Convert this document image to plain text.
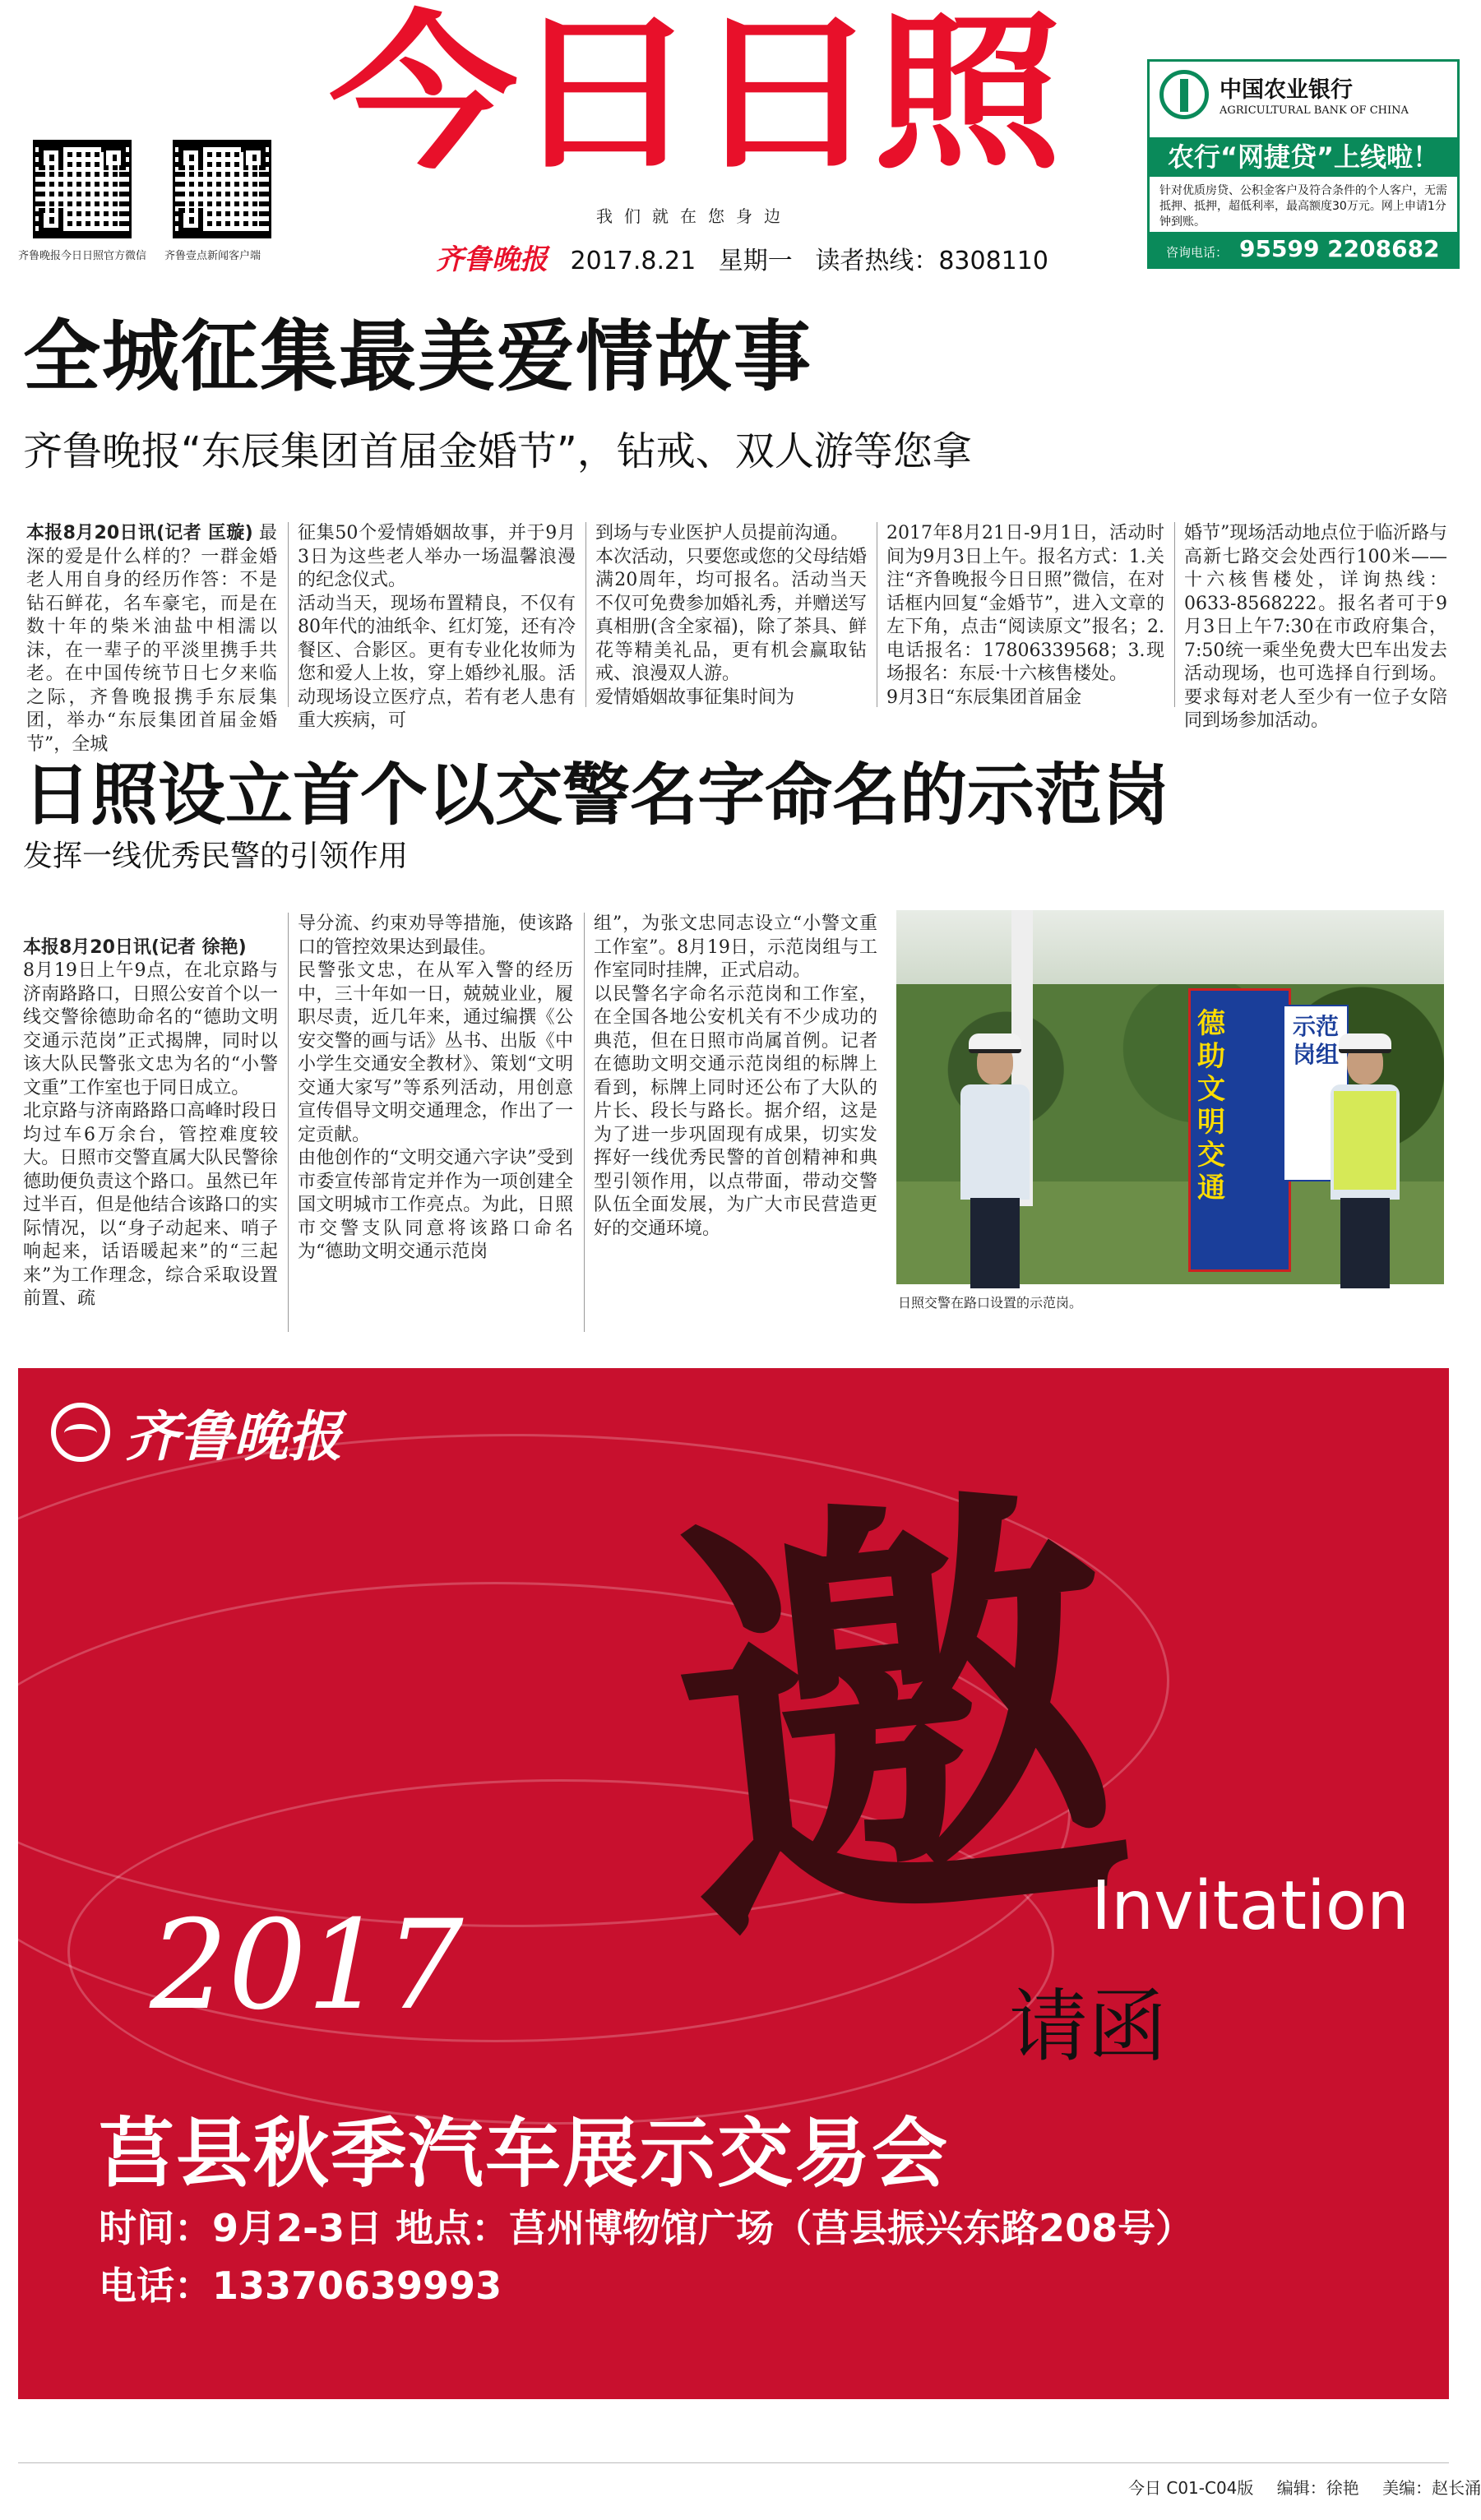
齐鲁晚报今日日照官方微信 齐鲁壹点新闻客户端
今日日照
我们就在您身边
齐鲁晚报 2017.8.21 星期一 读者热线：8308110
中国农业银行
AGRICULTURAL BANK OF CHINA
农行“网捷贷”上线啦！
针对优质房贷、公积金客户及符合条件的个人客户，无需抵押、抵押，超低利率，最高额度30万元。网上申请1分钟到账。
咨询电话： 95599 2208682
全城征集最美爱情故事
齐鲁晚报“东辰集团首届金婚节”，钻戒、双人游等您拿
本报8月20日讯(记者 匡璇) 最深的爱是什么样的？一群金婚老人用自身的经历作答：不是钻石鲜花，名车豪宅，而是在数十年的柴米油盐中相濡以沫，在一辈子的平淡里携手共老。在中国传统节日七夕来临之际，齐鲁晚报携手东辰集团，举办“东辰集团首届金婚节”，全城
征集50个爱情婚姻故事，并于9月3日为这些老人举办一场温馨浪漫的纪念仪式。
活动当天，现场布置精良，不仅有80年代的油纸伞、红灯笼，还有冷餐区、合影区。更有专业化妆师为您和爱人上妆，穿上婚纱礼服。活动现场设立医疗点，若有老人患有重大疾病，可
到场与专业医护人员提前沟通。
本次活动，只要您或您的父母结婚满20周年，均可报名。活动当天不仅可免费参加婚礼秀，并赠送写真相册(含全家福)，除了茶具、鲜花等精美礼品，更有机会赢取钻戒、浪漫双人游。
爱情婚姻故事征集时间为
2017年8月21日-9月1日，活动时间为9月3日上午。报名方式：1.关注“齐鲁晚报今日日照”微信，在对话框内回复“金婚节”，进入文章的左下角，点击“阅读原文”报名；2.电话报名：17806339568；3.现场报名：东辰·十六核售楼处。
9月3日“东辰集团首届金
婚节”现场活动地点位于临沂路与高新七路交会处西行100米——十六核售楼处，详询热线：0633-8568222。报名者可于9月3日上午7:30在市政府集合，7:50统一乘坐免费大巴车出发去活动现场，也可选择自行到场。要求每对老人至少有一位子女陪同到场参加活动。
日照设立首个以交警名字命名的示范岗
发挥一线优秀民警的引领作用

本报8月20日讯(记者 徐艳)
8月19日上午9点，在北京路与济南路路口，日照公安首个以一线交警徐德助命名的“德助文明交通示范岗”正式揭牌，同时以该大队民警张文忠为名的“小警文重”工作室也于同日成立。
北京路与济南路路口高峰时段日均过车6万余台，管控难度较大。日照市交警直属大队民警徐德助便负责这个路口。虽然已年过半百，但是他结合该路口的实际情况，以“身子动起来、哨子响起来，话语暖起来”的“三起来”为工作理念，综合采取设置前置、疏

导分流、约束劝导等措施，使该路口的管控效果达到最佳。
民警张文忠，在从军入警的经历中，三十年如一日，兢兢业业，履职尽责，近几年来，通过编撰《公安交警的画与话》丛书、出版《中小学生交通安全教材》、策划“文明交通大家写”等系列活动，用创意宣传倡导文明交通理念，作出了一定贡献。
由他创作的“文明交通六字诀”受到市委宣传部肯定并作为一项创建全国文明城市工作亮点。为此，日照市交警支队同意将该路口命名为“德助文明交通示范岗
组”，为张文忠同志设立“小警文重工作室”。8月19日，示范岗组与工作室同时挂牌，正式启动。
以民警名字命名示范岗和工作室，在全国各地公安机关有不少成功的典范，但在日照市尚属首例。记者在德助文明交通示范岗组的标牌上看到，标牌上同时还公布了大队的片长、段长与路长。据介绍，这是为了进一步巩固现有成果，切实发挥好一线优秀民警的首创精神和典型引领作用，以点带面，带动交警队伍全面发展，为广大市民营造更好的交通环境。
德助文明交通
示范岗组
日照交警在路口设置的示范岗。
齐鲁晚报
邀
Invitation
请函
2017
莒县秋季汽车展示交易会
时间：9月2-3日 地点：莒州博物馆广场（莒县振兴东路208号）
电话：13370639993
今日 C01-C04版 编辑：徐艳 美编：赵长涌
